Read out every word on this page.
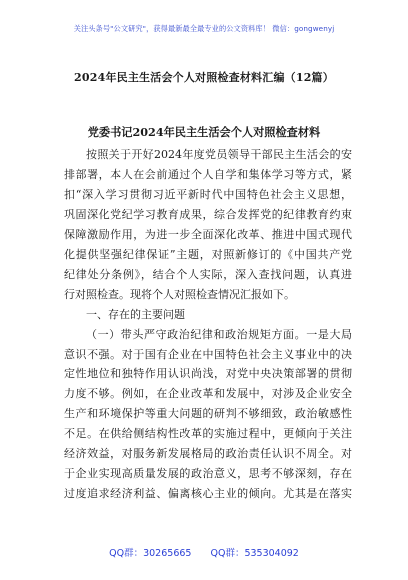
关注头条号"公文研究"，获得最新最全最专业的公文资料库！ 微信：gongwenyj
2024年民主生活会个人对照检查材料汇编（12篇）
党委书记2024年民主生活会个人对照检查材料
按照关于开好2024年度党员领导干部民主生活会的安
排部署，本人在会前通过个人自学和集体学习等方式，紧
扣“深入学习贯彻习近平新时代中国特色社会主义思想，
巩固深化党纪学习教育成果，综合发挥党的纪律教育约束
保障激励作用，为进一步全面深化改革、推进中国式现代
化提供坚强纪律保证”主题，对照新修订的《中国共产党
纪律处分条例》，结合个人实际，深入查找问题，认真进
行对照检查。现将个人对照检查情况汇报如下。
一、存在的主要问题
（一）带头严守政治纪律和政治规矩方面。一是大局
意识不强。对于国有企业在中国特色社会主义事业中的决
定性地位和独特作用认识尚浅，对党中央决策部署的贯彻
力度不够。例如，在企业改革和发展中，对涉及企业安全
生产和环境保护等重大问题的研判不够细致，政治敏感性
不足。在供给侧结构性改革的实施过程中，更倾向于关注
经济效益，对服务新发展格局的政治责任认识不周全。对
于企业实现高质量发展的政治意义，思考不够深刻，存在
过度追求经济利益、偏离核心主业的倾向。尤其是在落实
QQ群：30265665 QQ群：535304092
